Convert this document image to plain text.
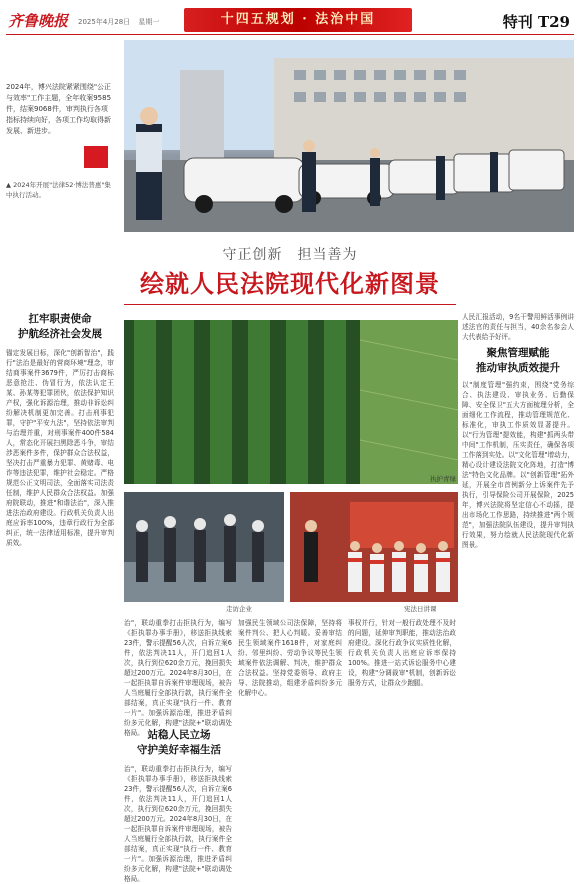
齐鲁晚报 2025年4月28日 星期一	十四五规划 · 法治中国	特刊 T29
2024年，博兴法院紧紧围绕"公正与效率"工作主题，全年收案9585件，结案9068件，审判执行各项指标持续向好，各项工作均取得新发展、新进步。
▲ 2024年开展"法律52·博法普惠"集中执行活动。
守正创新　担当善为
绘就人民法院现代化新图景
扛牢职责使命
护航经济社会发展
锚定发展目标，深化"创新智治"，践行"法治是最好的营商环境"理念，审结商事案件3679件，严厉打击商标恶意抢注、伪冒行为，依法认定王某、孙某等犯罪团伙，依法保护知识产权，强化诉源治理，推动非诉讼纠纷解决机制更加完善。打击刑事犯罪，守护"平安九法"，坚持依法审判与治理并重，对刑事案件400件584人，常态化开展扫黑除恶斗争，审结涉恶案件多件，保护群众合法权益，坚决打击严重暴力犯罪、黄赌毒、电诈等违法犯罪，维护社会稳定。严格规范公正文明司法，全面落实司法责任制，维护人民群众合法权益。加强府院联动，推进"和谐法治"，深入推进法治政府建设。行政机关负责人出庭应诉率100%，违章行政行为全部纠正，统一法律适用标准，提升审判质效。
执护青绿
走访企业	宪法日讲课
治"，联动重拳打击拒执行为，编写《拒执罪办事手册》，移送拒执线索23件，警示提醒56人次，自诉立案6件，依法判决11人，开门追回1人次，执行到位620余万元，挽回损失超过200万元。2024年8月30日，在一起拒执罪自诉案件审理现场，被告人当庭履行全部执行款，执行案件全部结案，真正实现"执行一件、教育一片"。加强诉源治理，推进矛盾纠纷多元化解，构建"法院+"联动调处格局。 站稳人民立场
守护美好幸福生活
治"，联动重拳打击拒执行为，编写《拒执罪办事手册》，移送拒执线索23件，警示提醒56人次，自诉立案6件，依法判决11人，开门追回1人次，执行到位620余万元，挽回损失超过200万元。2024年8月30日，在一起拒执罪自诉案件审理现场，被告人当庭履行全部执行款，执行案件全部结案，真正实现"执行一件、教育一片"。加强诉源治理，推进矛盾纠纷多元化解，构建"法院+"联动调处格局。
加强民生领域公司法保障，坚持将案件判公、把人心判暖。妥善审结民生领域案件1618件，对家庭纠纷、邻里纠纷、劳动争议等民生领域案件依法调解、判决，维护群众合法权益。坚持党委领导、政府主导、法院推动，组建矛盾纠纷多元化解中心。
事权并行，针对一般行政处理不及时的问题，延伸审判职能，推动法治政府建设。深化行政争议实质性化解，行政机关负责人出庭应诉率保持100%。推进一站式诉讼服务中心建设，构建"分调裁审"机制，创新诉讼服务方式，让群众少跑腿。
人民汇报活动，9名干警用鲜活事例讲述法官的责任与担当，40余名参会人大代表给予好评。
聚焦管理赋能
推动审执质效提升
以"制度管理"强约束，围绕"党务综合、执法建设、审执业务、后勤保障、安全保卫"五大方面梳理分析，全面细化工作流程，推动管理规范化、标准化，审执工作质效显著提升。以"行为管理"提效能，构建"抓两头带中间"工作机制，压实责任，确保各项工作落到实处。以"文化管理"增动力，精心设计建设法院文化阵地，打造"博法"特色文化品牌。以"创新管理"拓外延，开展全市首例新分上诉案件先予执行，引导保险公司开展保险，2025年，博兴法院将坚定信心不动摇，提出市场化工作思路，持续推进"两个规范"，加强法院队伍建设，提升审判执行效果，努力绘就人民法院现代化新图景。
